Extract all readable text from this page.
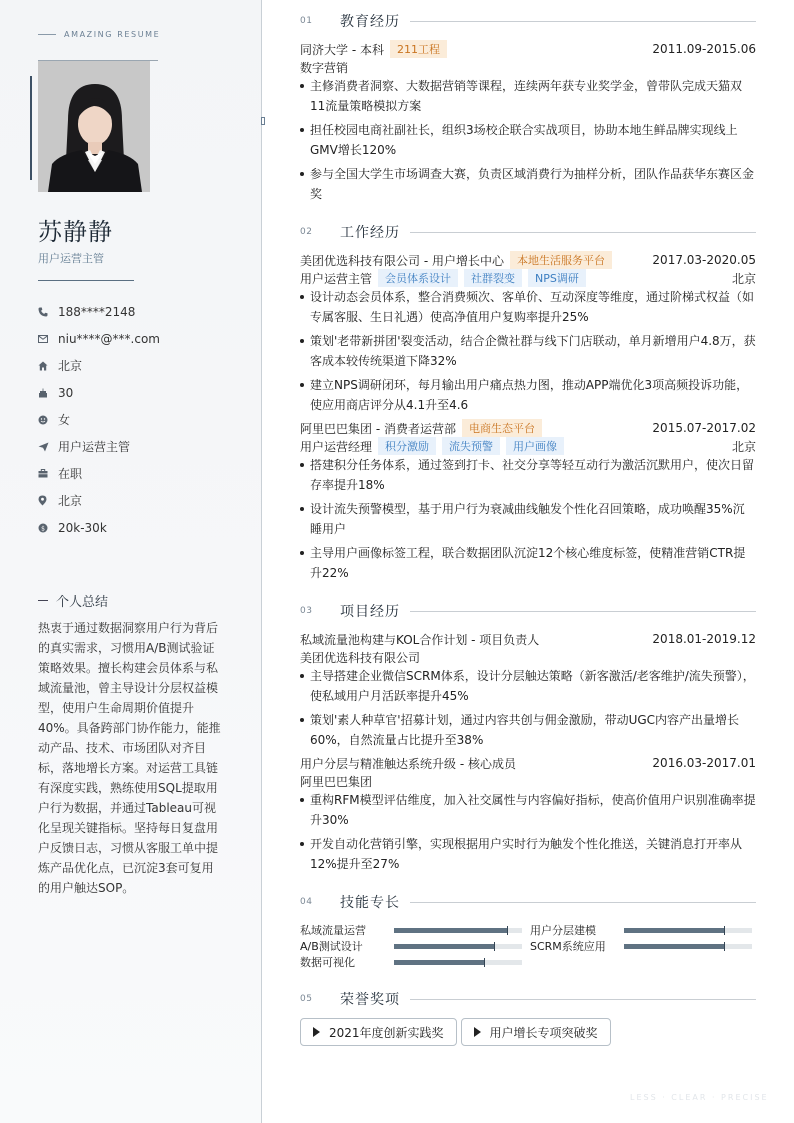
AMAZING RESUME
苏静静
用户运营主管
188****2148
niu****@***.com
北京
30
女
用户运营主管
在职
北京
$ 20k-30k
个人总结
热衷于通过数据洞察用户行为背后的真实需求，习惯用A/B测试验证策略效果。擅长构建会员体系与私域流量池，曾主导设计分层权益模型，使用户生命周期价值提升40%。具备跨部门协作能力，能推动产品、技术、市场团队对齐目标，落地增长方案。对运营工具链有深度实践，熟练使用SQL提取用户行为数据，并通过Tableau可视化呈现关键指标。坚持每日复盘用户反馈日志，习惯从客服工单中提炼产品优化点，已沉淀3套可复用的用户触达SOP。
01	教育经历
同济大学 - 本科	211工程	2011.09-2015.06
数字营销
主修消费者洞察、大数据营销等课程，连续两年获专业奖学金，曾带队完成天猫双11流量策略模拟方案
担任校园电商社副社长，组织3场校企联合实战项目，协助本地生鲜品牌实现线上GMV增长120%
参与全国大学生市场调查大赛，负责区域消费行为抽样分析，团队作品获华东赛区金奖
02	工作经历
美团优选科技有限公司 - 用户增长中心	本地生活服务平台	2017.03-2020.05
用户运营主管	会员体系设计	社群裂变	NPS调研	北京
设计动态会员体系，整合消费频次、客单价、互动深度等维度，通过阶梯式权益（如专属客服、生日礼遇）使高净值用户复购率提升25%
策划'老带新拼团'裂变活动，结合企微社群与线下门店联动，单月新增用户4.8万，获客成本较传统渠道下降32%
建立NPS调研闭环，每月输出用户痛点热力图，推动APP端优化3项高频投诉功能，使应用商店评分从4.1升至4.6
阿里巴巴集团 - 消费者运营部	电商生态平台	2015.07-2017.02
用户运营经理	积分激励	流失预警	用户画像	北京
搭建积分任务体系，通过签到打卡、社交分享等轻互动行为激活沉默用户，使次日留存率提升18%
设计流失预警模型，基于用户行为衰减曲线触发个性化召回策略，成功唤醒35%沉睡用户
主导用户画像标签工程，联合数据团队沉淀12个核心维度标签，使精准营销CTR提升22%
03	项目经历
私域流量池构建与KOL合作计划 - 项目负责人	2018.01-2019.12
美团优选科技有限公司
主导搭建企业微信SCRM体系，设计分层触达策略（新客激活/老客维护/流失预警），使私域用户月活跃率提升45%
策划'素人种草官'招募计划，通过内容共创与佣金激励，带动UGC内容产出量增长60%，自然流量占比提升至38%
用户分层与精准触达系统升级 - 核心成员	2016.03-2017.01
阿里巴巴集团
重构RFM模型评估维度，加入社交属性与内容偏好指标，使高价值用户识别准确率提升30%
开发自动化营销引擎，实现根据用户实时行为触发个性化推送，关键消息打开率从12%提升至27%
04	技能专长
私域流量运营	用户分层建模
A/B测试设计	SCRM系统应用
数据可视化
05	荣誉奖项
2021年度创新实践奖	用户增长专项突破奖
LESS · CLEAR · PRECISE
